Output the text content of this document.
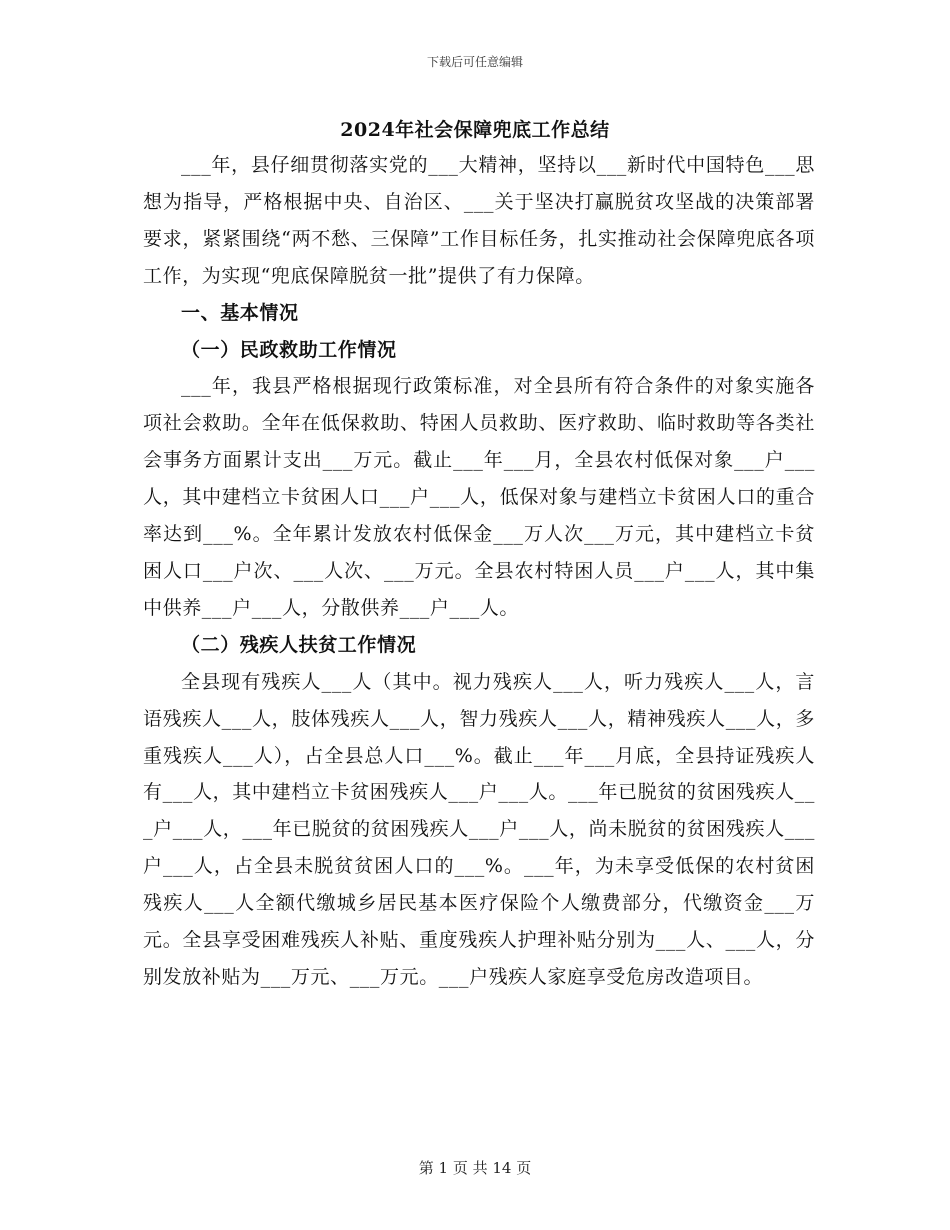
下载后可任意编辑
2024年社会保障兜底工作总结

___年，县仔细贯彻落实党的___大精神，坚持以___新时代中国特色___思想为指导，严格根据中央、自治区、___关于坚决打赢脱贫攻坚战的决策部署要求，紧紧围绕“两不愁、三保障”工作目标任务，扎实推动社会保障兜底各项工作，为实现“兜底保障脱贫一批”提供了有力保障。

一、基本情况

（一）民政救助工作情况

___年，我县严格根据现行政策标准，对全县所有符合条件的对象实施各项社会救助。全年在低保救助、特困人员救助、医疗救助、临时救助等各类社会事务方面累计支出___万元。截止___年___月，全县农村低保对象___户___人，其中建档立卡贫困人口___户___人，低保对象与建档立卡贫困人口的重合率达到___%。全年累计发放农村低保金___万人次___万元，其中建档立卡贫困人口___户次、___人次、___万元。全县农村特困人员___户___人，其中集中供养___户___人，分散供养___户___人。

（二）残疾人扶贫工作情况

全县现有残疾人___人（其中。视力残疾人___人，听力残疾人___人，言语残疾人___人，肢体残疾人___人，智力残疾人___人，精神残疾人___人，多重残疾人___人），占全县总人口___%。截止___年___月底，全县持证残疾人有___人，其中建档立卡贫困残疾人___户___人。___年已脱贫的贫困残疾人___户___人，___年已脱贫的贫困残疾人___户___人，尚未脱贫的贫困残疾人___户___人，占全县未脱贫贫困人口的___%。___年，为未享受低保的农村贫困残疾人___人全额代缴城乡居民基本医疗保险个人缴费部分，代缴资金___万元。全县享受困难残疾人补贴、重度残疾人护理补贴分别为___人、___人，分别发放补贴为___万元、___万元。___户残疾人家庭享受危房改造项目。

第 1 页 共 14 页
